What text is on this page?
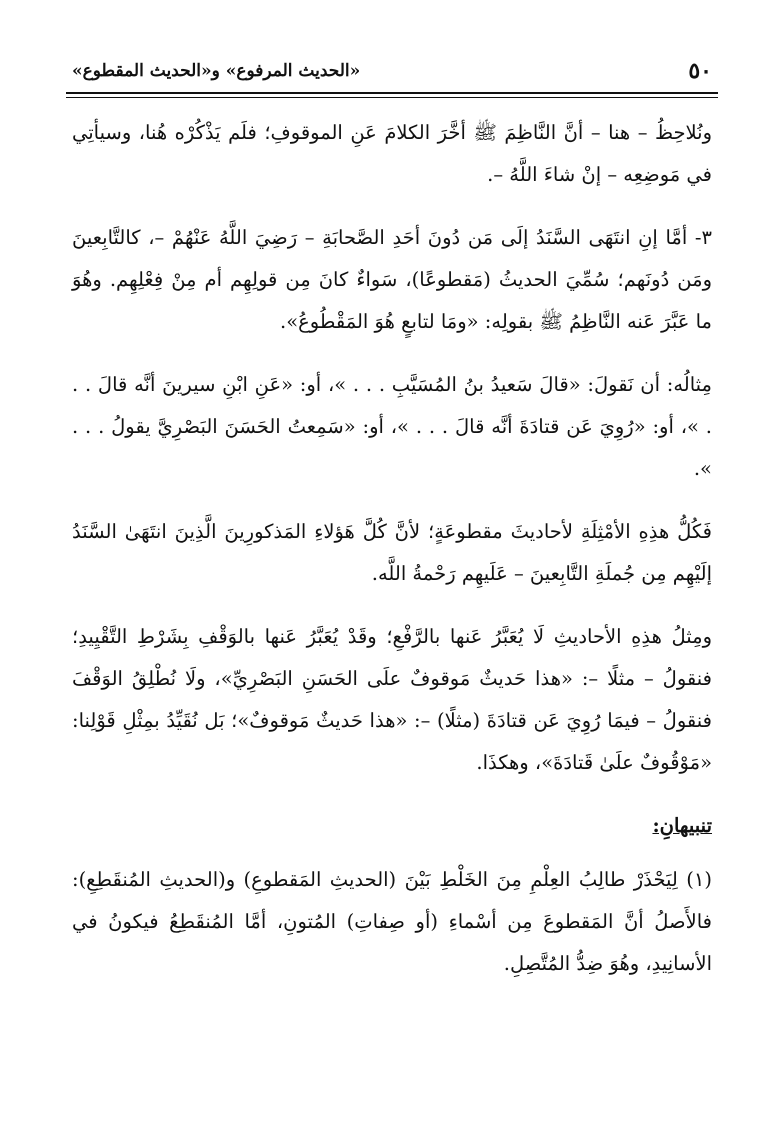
٥٠
«الحديث المرفوع» و«الحديث المقطوع»

ونُلاحِظُ – هنا – أنَّ النَّاظِمَ ﷺ أخَّرَ الكلامَ عَنِ الموقوفِ؛ فلَم يَذْكُرْه هُنا، وسيأتِي في مَوضِعِه – إنْ شاءَ اللَّهُ –.

٣- أمَّا إنِ انتَهَى السَّنَدُ إلَى مَن دُونَ أحَدِ الصَّحابَةِ – رَضِيَ اللَّهُ عَنْهُمْ –، كالتَّابِعينَ ومَن دُونَهم؛ سُمِّيَ الحديثُ (مَقطوعًا)، سَواءٌ كانَ مِن قولِهِم أم مِنْ فِعْلِهِم. وهُوَ ما عَبَّرَ عَنه النَّاظِمُ ﷺ بقولِه: «ومَا لتابعٍ هُوَ المَقْطُوعُ».

مِثالُه: أن نَقولَ: «قالَ سَعيدُ بنُ المُسَيَّبِ . . . »، أو: «عَنِ ابْنِ سيرينَ أنَّه قالَ . . . »، أو: «رُوِيَ عَن قتادَةَ أنَّه قالَ . . . »، أو: «سَمِعتُ الحَسَنَ البَصْرِيَّ يقولُ . . . ».

فَكُلُّ هذِهِ الأمْثِلَةِ لأحاديثَ مقطوعَةٍ؛ لأنَّ كُلَّ هَؤلاءِ المَذكورِينَ الَّذِينَ انتَهَىٰ السَّنَدُ إلَيْهِم مِن جُملَةِ التَّابِعينَ – عَلَيهِم رَحْمةُ اللَّه.

ومِثلُ هذِهِ الأحاديثِ لَا يُعَبَّرُ عَنها بالرَّفْعِ؛ وقَدْ يُعَبَّرُ عَنها بالوَقْفِ بِشَرْطِ التَّقْيِيدِ؛ فنقولُ – مثلًا –: «هذا حَديثٌ مَوقوفٌ علَى الحَسَنِ البَصْرِيِّ»، ولَا نُطْلِقُ الوَقْفَ فنقولُ – فيمَا رُوِيَ عَن قتادَةَ (مثلًا) –: «هذا حَديثٌ مَوقوفٌ»؛ بَل نُقَيِّدُ بمِثْلِ قَوْلِنا: «مَوْقُوفٌ علَىٰ قَتادَةَ»، وهكذَا.

تنبيهانِ:

(١) لِيَحْذَرْ طالِبُ العِلْمِ مِنَ الخَلْطِ بَيْنَ (الحديثِ المَقطوعِ) و(الحديثِ المُنقَطِعِ): فالأَصلُ أنَّ المَقطوعَ مِن أسْماءِ (أو صِفاتِ) المُتونِ، أمَّا المُنقَطِعُ فيكونُ في الأسانِيدِ، وهُوَ ضِدُّ المُتَّصِلِ.
